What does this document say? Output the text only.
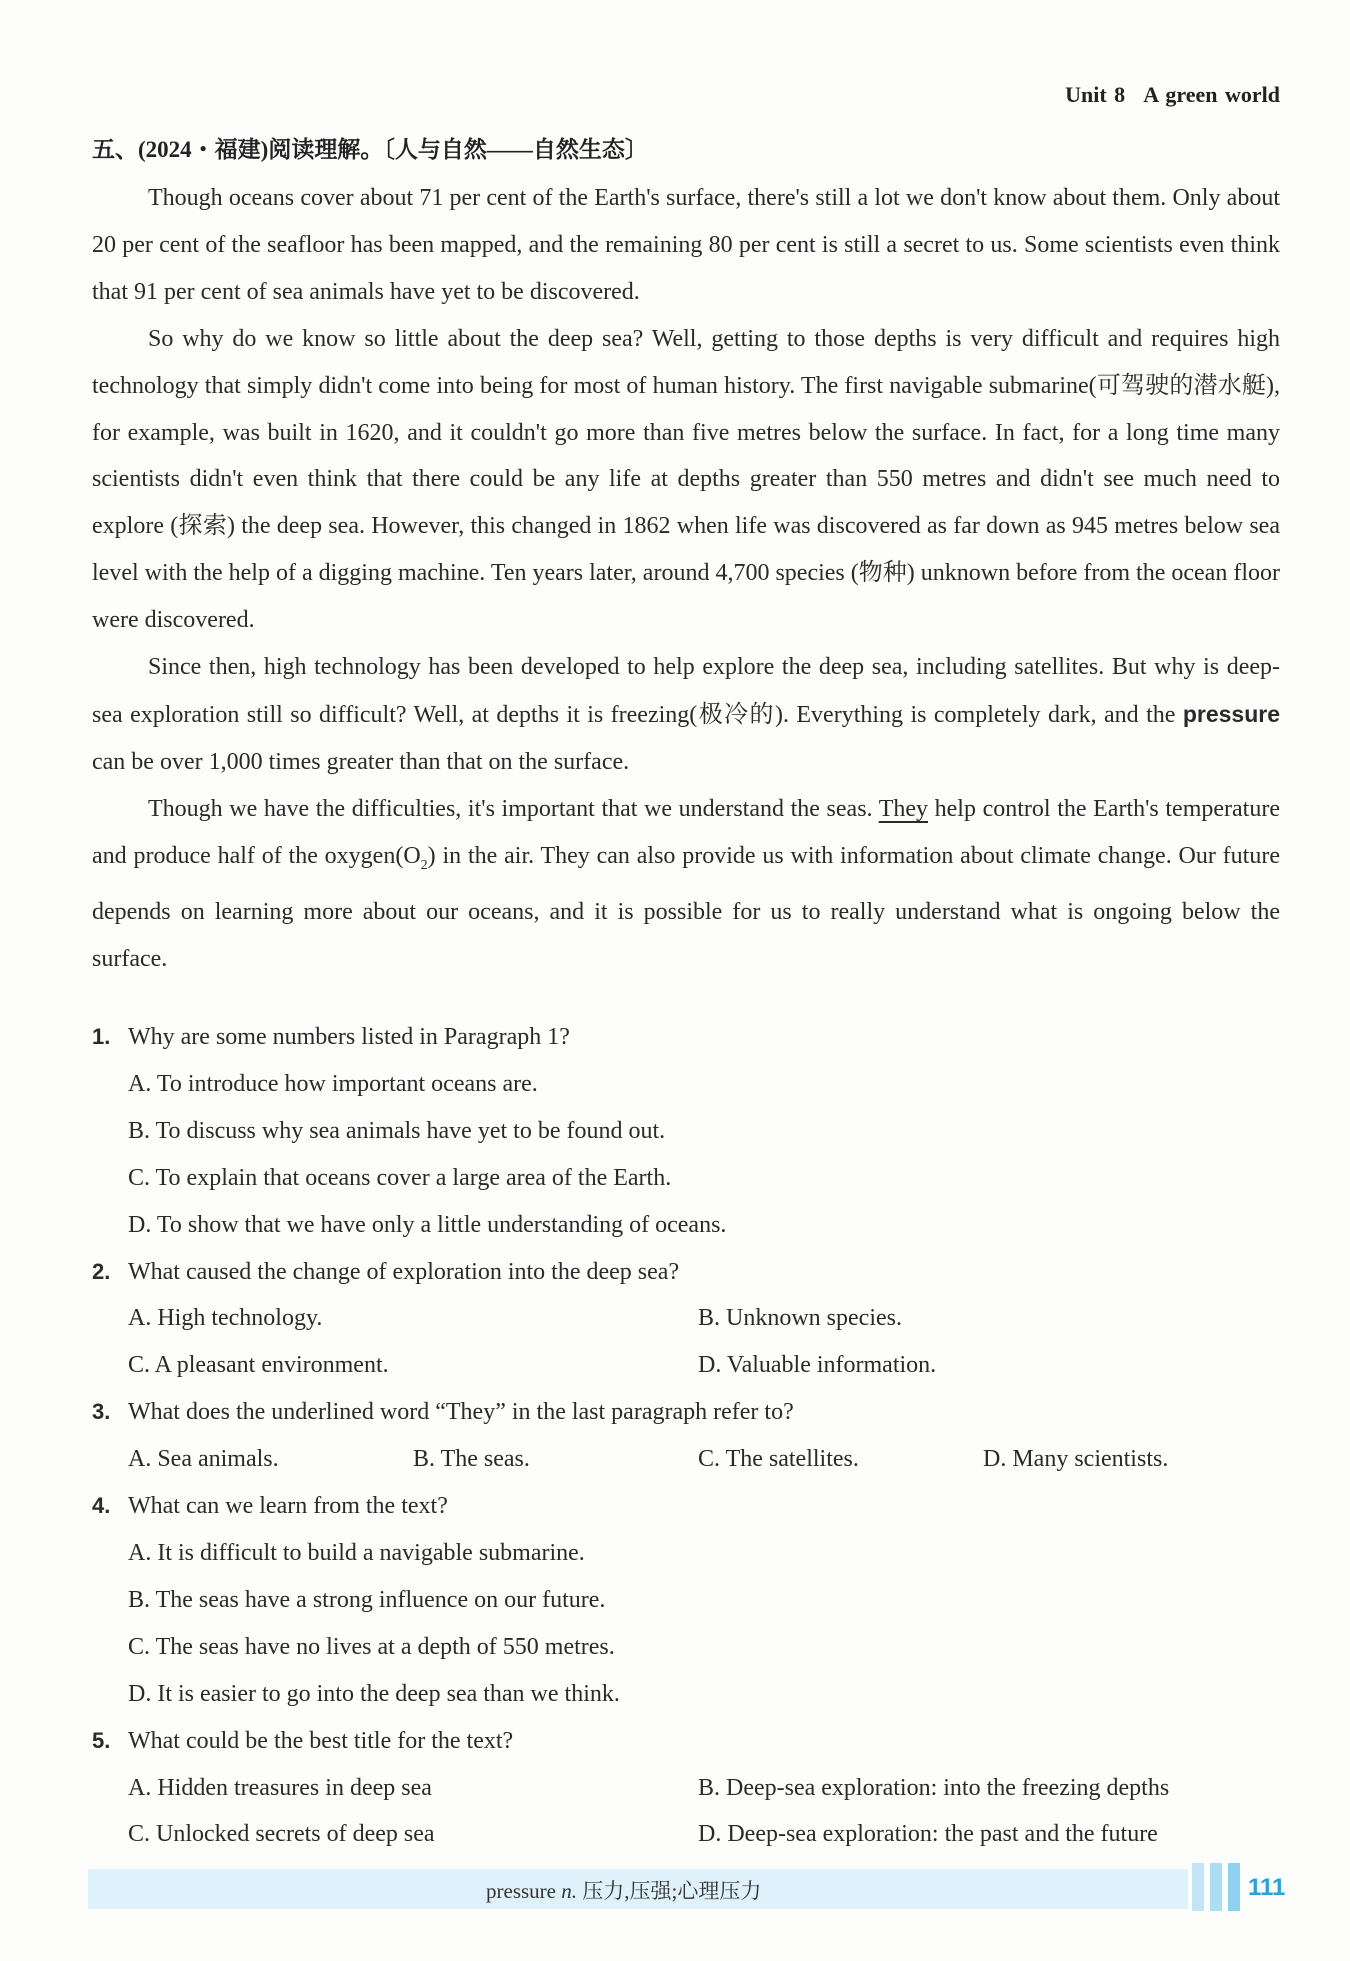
Unit 8 A green world
五、(2024・福建)阅读理解。〔人与自然——自然生态〕

Though oceans cover about 71 per cent of the Earth's surface, there's still a lot we don't know about them. Only about 20 per cent of the seafloor has been mapped, and the remaining 80 per cent is still a secret to us. Some scientists even think that 91 per cent of sea animals have yet to be discovered.

So why do we know so little about the deep sea? Well, getting to those depths is very difficult and requires high technology that simply didn't come into being for most of human history. The first navigable submarine(可驾驶的潜水艇), for example, was built in 1620, and it couldn't go more than five metres below the surface. In fact, for a long time many scientists didn't even think that there could be any life at depths greater than 550 metres and didn't see much need to explore (探索) the deep sea. However, this changed in 1862 when life was discovered as far down as 945 metres below sea level with the help of a digging machine. Ten years later, around 4,700 species (物种) unknown before from the ocean floor were discovered.

Since then, high technology has been developed to help explore the deep sea, including satellites. But why is deep-sea exploration still so difficult? Well, at depths it is freezing(极冷的). Everything is completely dark, and the pressure can be over 1,000 times greater than that on the surface.

Though we have the difficulties, it's important that we understand the seas. They help control the Earth's temperature and produce half of the $oxygen(O_2)$ in the air. They can also provide us with information about climate change. Our future depends on learning more about our oceans, and it is possible for us to really understand what is ongoing below the surface.

1. Why are some numbers listed in Paragraph 1?
A. To introduce how important oceans are.
B. To discuss why sea animals have yet to be found out.
C. To explain that oceans cover a large area of the Earth.
D. To show that we have only a little understanding of oceans.
2. What caused the change of exploration into the deep sea?
A. High technology.	B. Unknown species.
C. A pleasant environment.	D. Valuable information.
3. What does the underlined word “They” in the last paragraph refer to?
A. Sea animals.	B. The seas.	C. The satellites.	D. Many scientists.
4. What can we learn from the text?
A. It is difficult to build a navigable submarine.
B. The seas have a strong influence on our future.
C. The seas have no lives at a depth of 550 metres.
D. It is easier to go into the deep sea than we think.
5. What could be the best title for the text?
A. Hidden treasures in deep sea	B. Deep-sea exploration: into the freezing depths
C. Unlocked secrets of deep sea	D. Deep-sea exploration: the past and the future
pressure n. 压力,压强;心理压力	111
